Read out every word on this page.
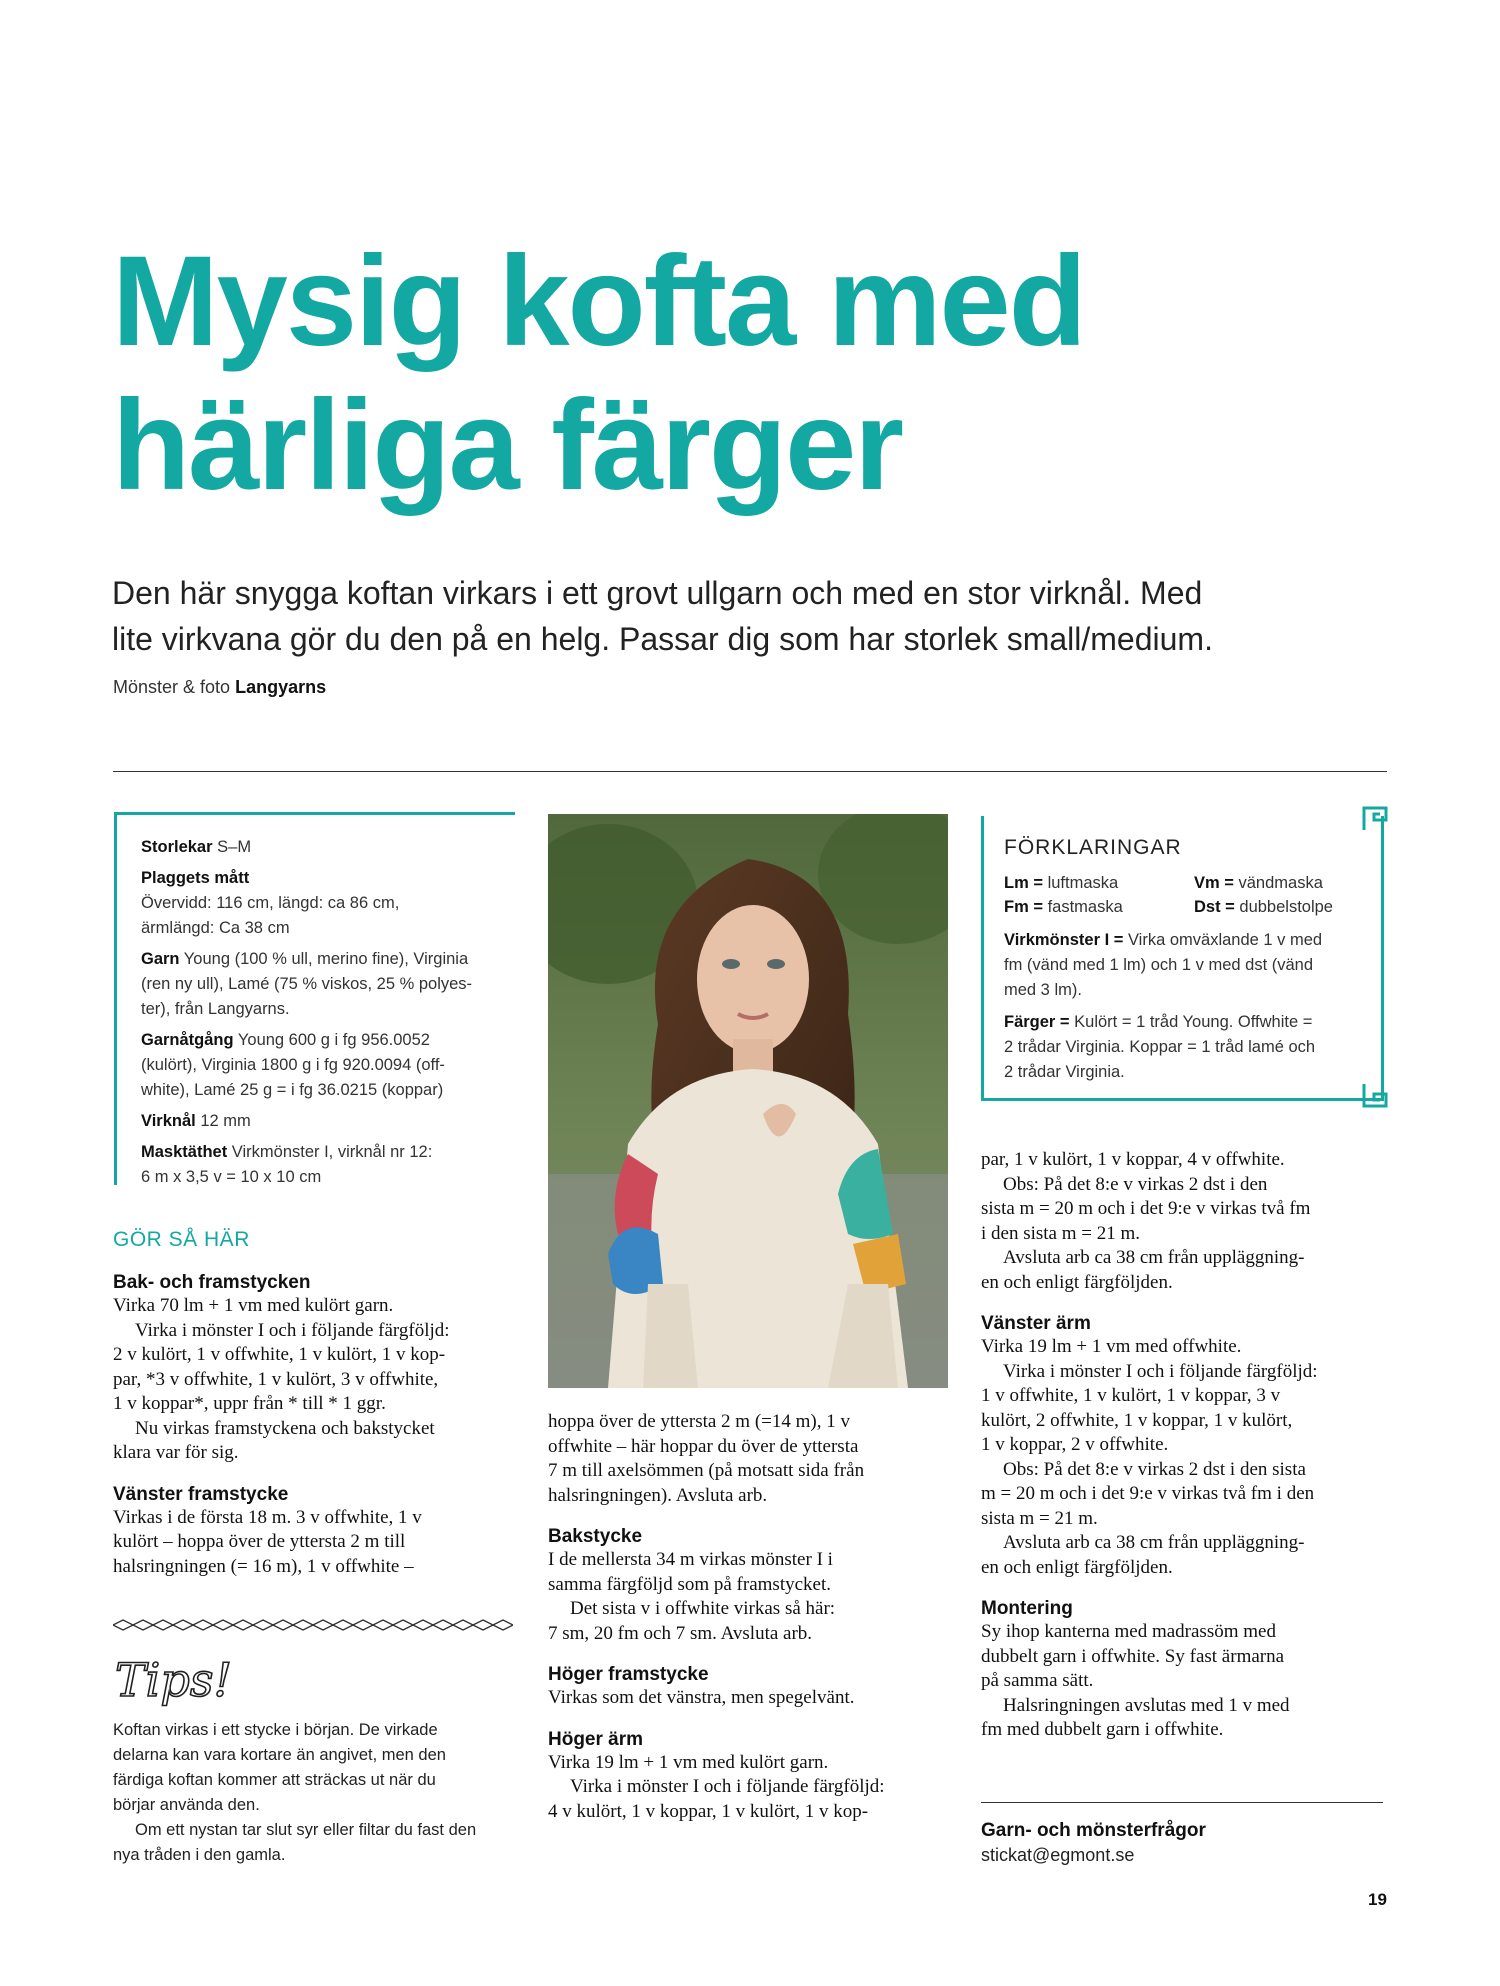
Mysig kofta med
härliga färger

Den här snygga koftan virkars i ett grovt ullgarn och med en stor virknål. Med
lite virkvana gör du den på en helg. Passar dig som har storlek small/medium.

Mönster & foto Langyarns

Storlekar S–M

Plaggets mått
Övervidd: 116 cm, längd: ca 86 cm,
ärmlängd: Ca 38 cm

Garn Young (100 % ull, merino fine), Virginia
(ren ny ull), Lamé (75 % viskos, 25 % polyes-
ter), från Langyarns.

Garnåtgång Young 600 g i fg 956.0052
(kulört), Virginia 1800 g i fg 920.0094 (off-
white), Lamé 25 g = i fg 36.0215 (koppar)

Virknål 12 mm

Masktäthet Virkmönster I, virknål nr 12:
6 m x 3,5 v = 10 x 10 cm

GÖR SÅ HÄR

Bak- och framstycken

Virka 70 lm + 1 vm med kulört garn.
Virka i mönster I och i följande färgföljd:
2 v kulört, 1 v offwhite, 1 v kulört, 1 v kop-
par, *3 v offwhite, 1 v kulört, 3 v offwhite,
1 v koppar*, uppr från * till * 1 ggr.
Nu virkas framstyckena och bakstycket
klara var för sig.

Vänster framstycke

Virkas i de första 18 m. 3 v offwhite, 1 v
kulört – hoppa över de yttersta 2 m till
halsringningen (= 16 m), 1 v offwhite –

Tips!

Koftan virkas i ett stycke i början. De virkade
delarna kan vara kortare än angivet, men den
färdiga koftan kommer att sträckas ut när du
börjar använda den.
Om ett nystan tar slut syr eller filtar du fast den
nya tråden i den gamla.

hoppa över de yttersta 2 m (=14 m), 1 v
offwhite – här hoppar du över de yttersta
7 m till axelsömmen (på motsatt sida från
halsringningen). Avsluta arb.

Bakstycke

I de mellersta 34 m virkas mönster I i
samma färgföljd som på framstycket.
Det sista v i offwhite virkas så här:
7 sm, 20 fm och 7 sm. Avsluta arb.

Höger framstycke

Virkas som det vänstra, men spegelvänt.

Höger ärm

Virka 19 lm + 1 vm med kulört garn.
Virka i mönster I och i följande färgföljd:
4 v kulört, 1 v koppar, 1 v kulört, 1 v kop-

FÖRKLARINGAR
Lm = luftmaska	Vm = vändmaska
Fm = fastmaska	Dst = dubbelstolpe

Virkmönster I = Virka omväxlande 1 v med
fm (vänd med 1 lm) och 1 v med dst (vänd
med 3 lm).

Färger = Kulört = 1 tråd Young. Offwhite =
2 trådar Virginia. Koppar = 1 tråd lamé och
2 trådar Virginia.

par, 1 v kulört, 1 v koppar, 4 v offwhite.
Obs: På det 8:e v virkas 2 dst i den
sista m = 20 m och i det 9:e v virkas två fm
i den sista m = 21 m.
Avsluta arb ca 38 cm från uppläggning-
en och enligt färgföljden.

Vänster ärm

Virka 19 lm + 1 vm med offwhite.
Virka i mönster I och i följande färgföljd:
1 v offwhite, 1 v kulört, 1 v koppar, 3 v
kulört, 2 offwhite, 1 v koppar, 1 v kulört,
1 v koppar, 2 v offwhite.
Obs: På det 8:e v virkas 2 dst i den sista
m = 20 m och i det 9:e v virkas två fm i den
sista m = 21 m.
Avsluta arb ca 38 cm från uppläggning-
en och enligt färgföljden.

Montering

Sy ihop kanterna med madrassöm med
dubbelt garn i offwhite. Sy fast ärmarna
på samma sätt.
Halsringningen avslutas med 1 v med
fm med dubbelt garn i offwhite.

Garn- och mönsterfrågor
stickat@egmont.se
19
